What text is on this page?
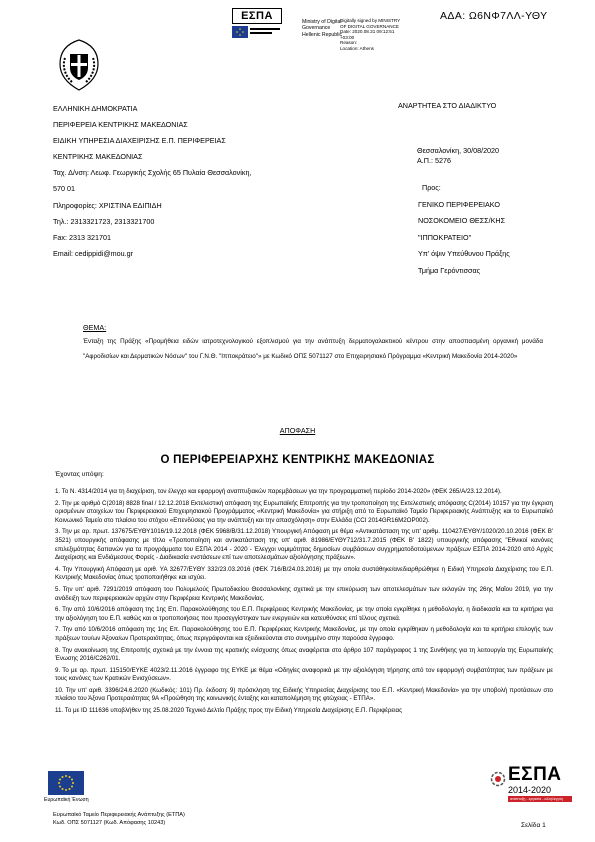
ΑΔΑ: Ω6ΝΦ7ΛΛ-ΥΘΥ
ΕΣΠΑ	Ministry of Digital
Governance
Hellenic Republic
Digitally signed by MINISTRY
OF DIGITAL GOVERNANCE
Date: 2020.08.31 09:12:51
+03:00
Reason:
Location: Athens
ΕΛΛΗΝΙΚΗ ΔΗΜΟΚΡΑΤΙΑ
ΠΕΡΙΦΕΡΕΙΑ ΚΕΝΤΡΙΚΗΣ ΜΑΚΕΔΟΝΙΑΣ
ΕΙΔΙΚΗ ΥΠΗΡΕΣΙΑ ΔΙΑΧΕΙΡΙΣΗΣ Ε.Π. ΠΕΡΙΦΕΡΕΙΑΣ
ΚΕΝΤΡΙΚΗΣ ΜΑΚΕΔΟΝΙΑΣ
Ταχ. Δ/νση: Λεωφ. Γεωργικής Σχολής 65 Πυλαία Θεσσαλονίκη,
570 01
Πληροφορίες: ΧΡΙΣΤΙΝΑ ΕΔΙΠΙΔΗ
Τηλ.: 2313321723, 2313321700
Fax: 2313 321701
Email: cedippidi@mou.gr
ΑΝΑΡΤΗΤΕΑ ΣΤΟ ΔΙΑΔΙΚΤΥΟ
Θεσσαλονίκη, 30/08/2020
Α.Π.: 5276
Προς:
ΓΕΝΙΚΟ ΠΕΡΙΦΕΡΕΙΑΚΟ
ΝΟΣΟΚΟΜΕΙΟ ΘΕΣΣ/ΚΗΣ
"ΙΠΠΟΚΡΑΤΕΙΟ"
Υπ' όψιν Υπεύθυνου Πράξης
Τμήμα Γερόντισσας
ΘΕΜΑ:
Ένταξη της Πράξης «Προμήθεια ειδών ιατροτεχνολογικού εξοπλισμού για την ανάπτυξη δερματογαλακτικού κέντρου στην αποσπασμένη οργανική μονάδα "Αφροδισίων και Δερματικών Νόσων" του Γ.Ν.Θ. "Ιπποκράτειο"» με Κωδικό ΟΠΣ 5071127 στο Επιχειρησιακό Πρόγραμμα «Κεντρική Μακεδονία 2014-2020»
ΑΠΟΦΑΣΗ
Ο ΠΕΡΙΦΕΡΕΙΑΡΧΗΣ ΚΕΝΤΡΙΚΗΣ ΜΑΚΕΔΟΝΙΑΣ
Έχοντας υπόψη:

1. Το Ν. 4314/2014 για τη διαχείριση, τον έλεγχο και εφαρμογή αναπτυξιακών παρεμβάσεων για την προγραμματική περίοδο 2014-2020» (ΦΕΚ 265/Α/23.12.2014).

2. Την με αριθμό C(2018) 8828 final / 12.12.2018 Εκτελεστική απόφαση της Ευρωπαϊκής Επιτροπής για την τροποποίηση της Εκτελεστικής απόφασης C(2014) 10157 για την έγκριση ορισμένων στοιχείων του Περιφερειακού Επιχειρησιακού Προγράμματος «Κεντρική Μακεδονία» για στήριξη από το Ευρωπαϊκό Ταμείο Περιφερειακής Ανάπτυξης και το Ευρωπαϊκό Κοινωνικό Ταμείο στο πλαίσιο του στόχου «Επενδύσεις για την ανάπτυξη και την απασχόληση» στην Ελλάδα (CCI 2014GR16M2OP002).

3. Την με αρ. πρωτ. 137675/ΕΥΘΥ1016/19.12.2018 (ΦΕΚ 5968/Β/31.12.2018) Υπουργική Απόφαση με θέμα «Αντικατάσταση της υπ' αριθμ. 110427/ΕΥΘΥ/1020/20.10.2016 (ΦΕΚ Β' 3521) υπουργικής απόφασης με τίτλο «Τροποποίηση και αντικατάσταση της υπ' αριθ. 81986/ΕΥΘΥ712/31.7.2015 (ΦΕΚ Β' 1822) υπουργικής απόφασης "Εθνικοί κανόνες επιλεξιμότητας δαπανών για τα προγράμματα του ΕΣΠΑ 2014 - 2020 - Έλεγχοι νομιμότητας δημοσίων συμβάσεων συγχρηματοδοτούμενων πράξεων ΕΣΠΑ 2014-2020 από Αρχές Διαχείρισης και Ενδιάμεσους Φορείς - Διαδικασία ενστάσεων επί των αποτελεσμάτων αξιολόγησης πράξεων».

4. Την Υπουργική Απόφαση με αριθ. ΥΑ 32677/ΕΥΘΥ 332/23.03.2016 (ΦΕΚ 716/Β/24.03.2016) με την οποία συστάθηκε/ανεδιαρθρώθηκε η Ειδική Υπηρεσία Διαχείρισης του Ε.Π. Κεντρικής Μακεδονίας όπως τροποποιήθηκε και ισχύει.

5. Την υπ' αριθ. 7291/2019 απόφαση του Πολυμελούς Πρωτοδικείου Θεσσαλονίκης σχετικά με την επικύρωση των αποτελεσμάτων των εκλογών της 26ης Μαΐου 2019, για την ανάδειξη των περιφερειακών αρχών στην Περιφέρεια Κεντρικής Μακεδονίας.

6. Την από 10/6/2016 απόφαση της 1ης Επ. Παρακολούθησης του Ε.Π. Περιφέρειας Κεντρικής Μακεδονίας, με την οποία εγκρίθηκε η μεθοδολογία, η διαδικασία και τα κριτήρια για την αξιολόγηση του Ε.Π. καθώς και οι τροποποιήσεις που προσεγγίστηκαν των ενεργειών και κατευθύνσεις επί τέλους σχετικά.

7. Την από 10/6/2016 απόφαση της 1ης Επ. Παρακολούθησης του Ε.Π. Περιφέρειας Κεντρικής Μακεδονίας, με την οποία εγκρίθηκαν η μεθοδολογία και τα κριτήρια επιλογής των πράξεων του/ων Άξονα/ων Προτεραιότητας, όπως περιγράφονται και εξειδικεύονται στο συνημμένο στην παρούσα έγγραφο.

8. Την ανακοίνωση της Επιτροπής σχετικά με την έννοια της κρατικής ενίσχυσης όπως αναφέρεται στο άρθρο 107 παράγραφος 1 της Συνθήκης για τη λειτουργία της Ευρωπαϊκής Ένωσης 2016/C262/01.

9. Το με αρ. πρωτ. 115150/ΕΥΚΕ 4023/2.11.2016 έγγραφο της ΕΥΚΕ με θέμα «Οδηγίες αναφορικά με την αξιολόγηση τήρησης από τον εφαρμογή συμβατότητας των πράξεων με τους κανόνες των Κρατικών Ενισχύσεων».

10. Την υπ' αριθ. 3396/24.6.2020 (Κωδικός: 101) Πρ. έκδοση: 9) πρόσκληση της Ειδικής Υπηρεσίας Διαχείρισης του Ε.Π. «Κεντρική Μακεδονία» για την υποβολή προτάσεων στο πλαίσιο του Άξονα Προτεραιότητας 9Α «Προώθηση της κοινωνικής ένταξης και καταπολέμηση της φτώχειας - ΕΤΠΑ».

11. Το με ID 111636 υποβλήθεν της 25.08.2020 Τεχνικό Δελτίο Πράξης προς την Ειδική Υπηρεσία Διαχείρισης Ε.Π. Περιφέρειας

Ευρωπαϊκή Ένωση
Ευρωπαϊκό Ταμείο Περιφερειακής Ανάπτυξης (ΕΤΠΑ)
Κωδ. ΟΠΣ 5071127 (Κωδ. Απόφασης 10243)
ΕΣΠΑ
2014-2020
ανάπτυξη - εργασία - αλληλεγγύη
Σελίδα 1
